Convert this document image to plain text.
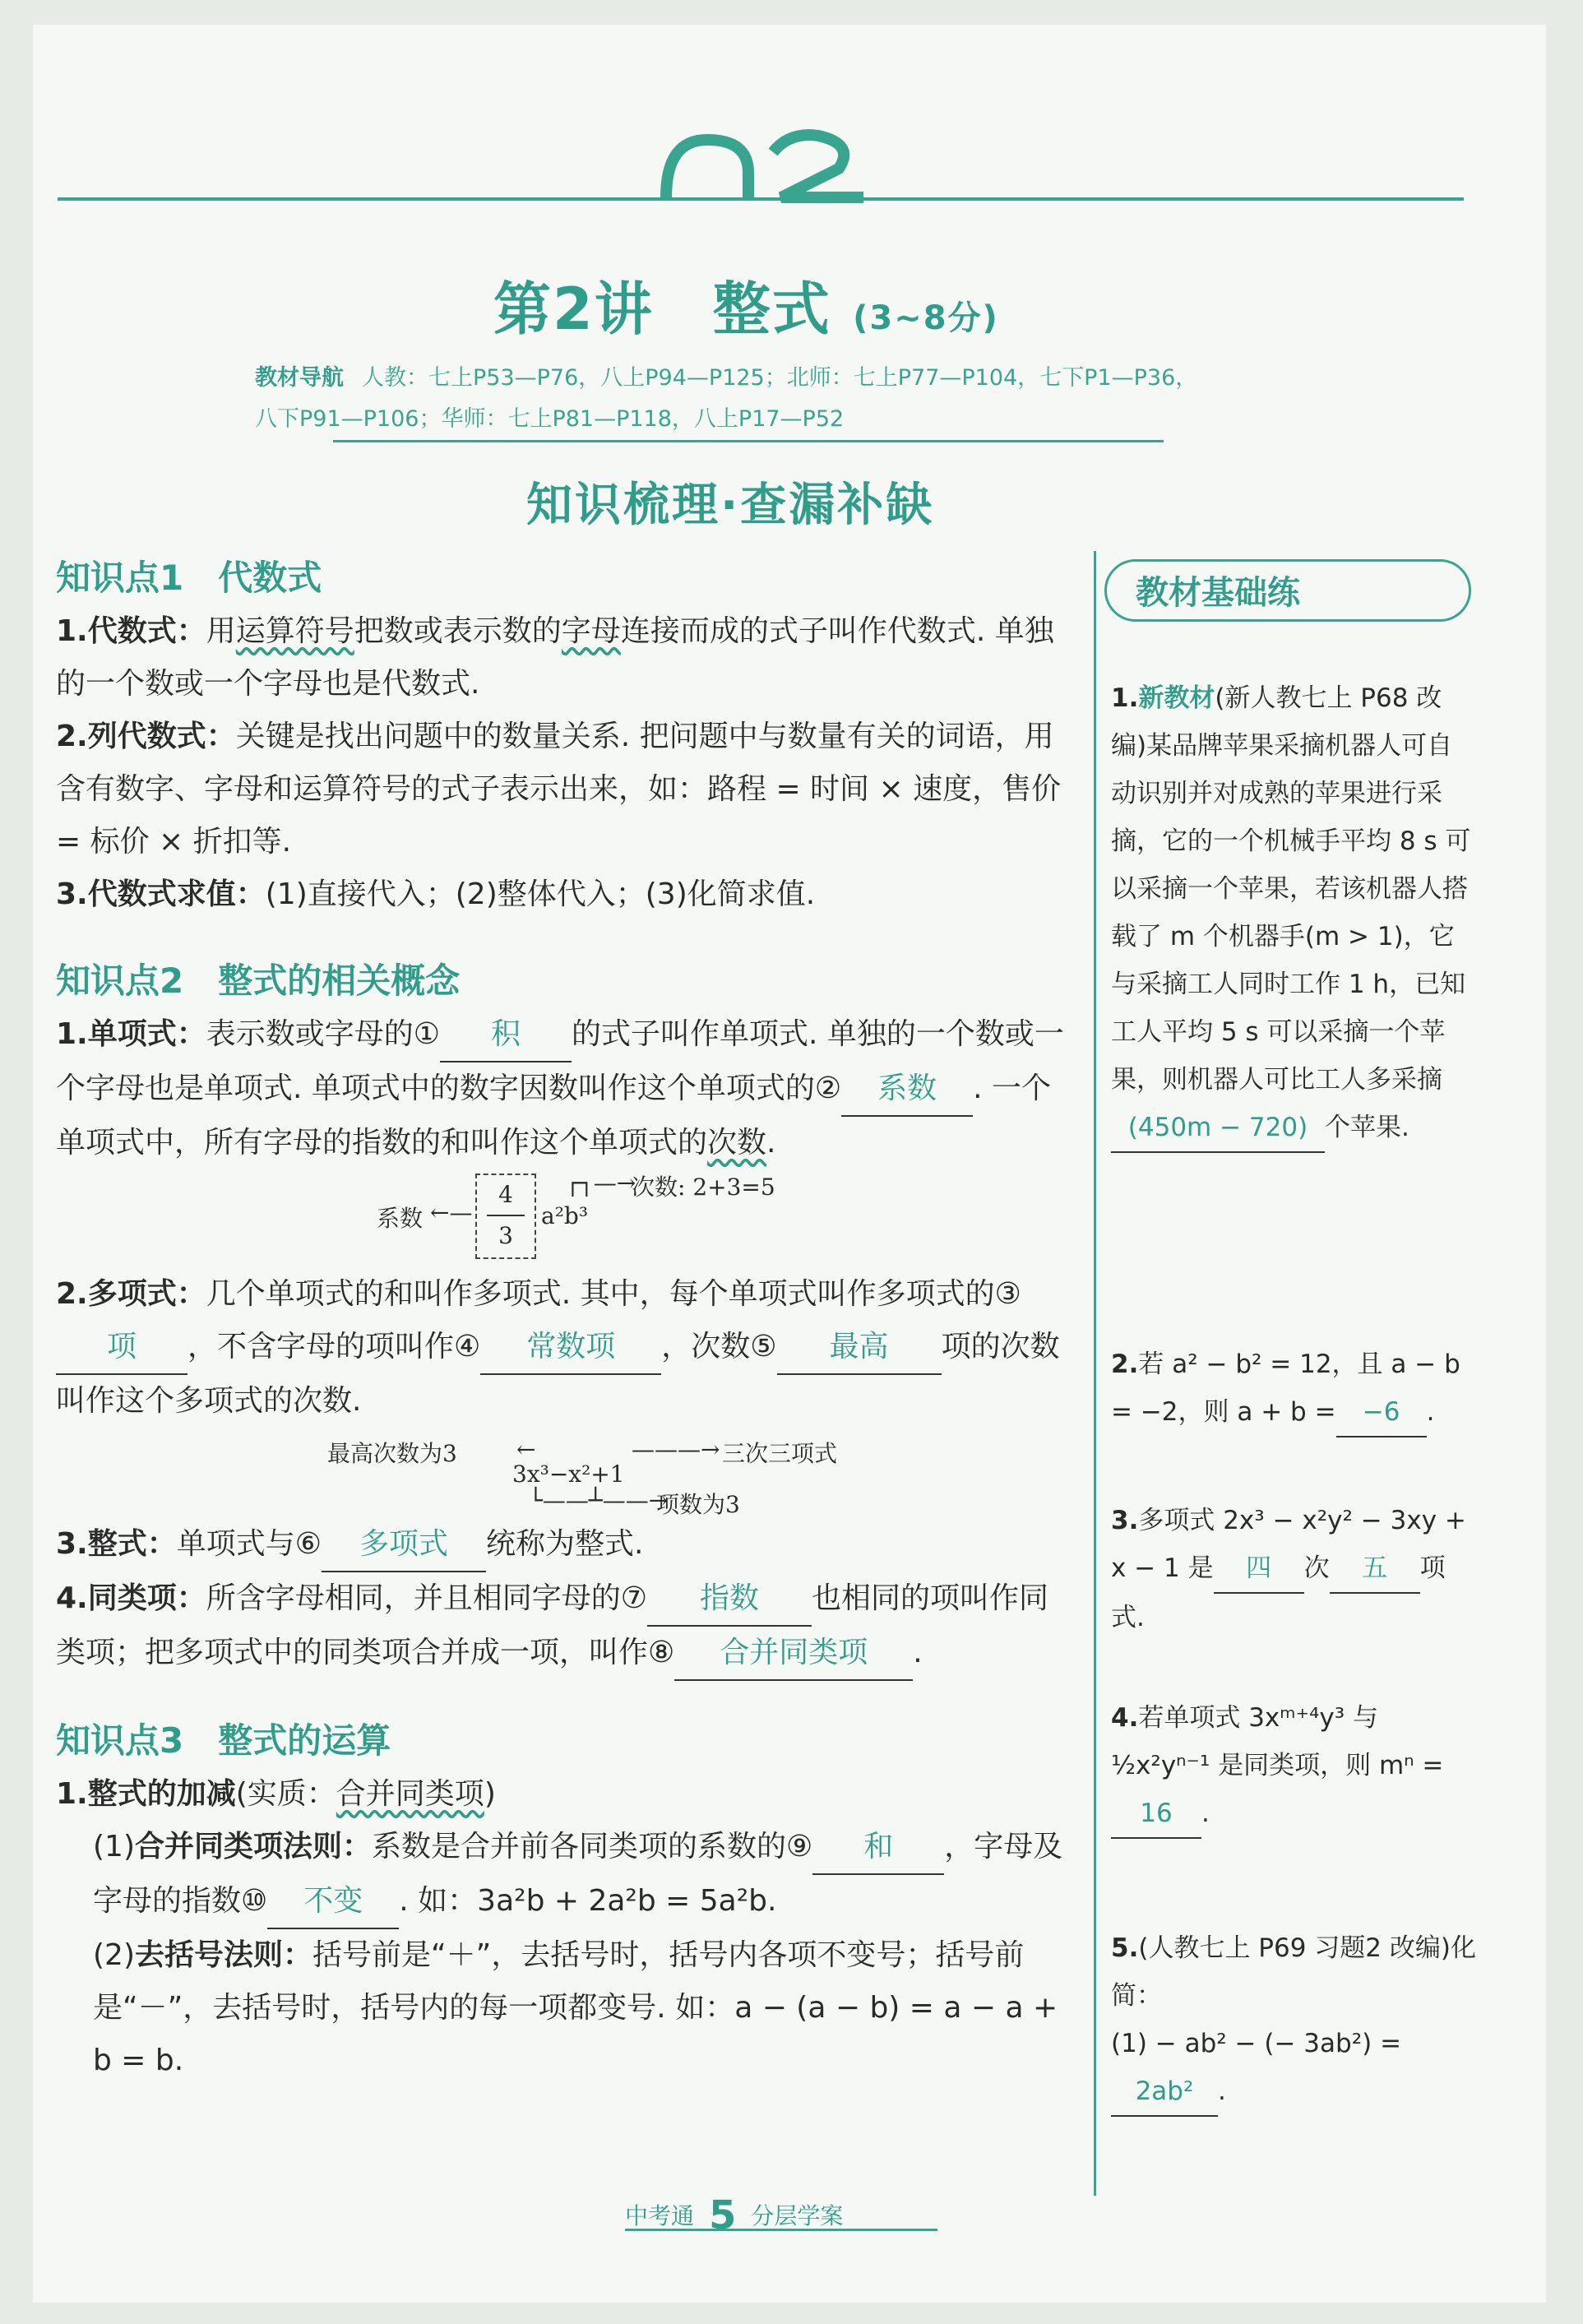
第2讲　整式 (3~8分)
教材导航 人教：七上P53—P76，八上P94—P125；北师：七上P77—P104，七下P1—P36，
八下P91—P106；华师：七上P81—P118，八上P17—P52
知识梳理·查漏补缺
知识点1　代数式
1.代数式：用运算符号把数或表示数的字母连接而成的式子叫作代数式. 单独的一个数或一个字母也是代数式.
2.列代数式：关键是找出问题中的数量关系. 把问题中与数量有关的词语，用含有数字、字母和运算符号的式子表示出来，如：路程 = 时间 × 速度，售价 = 标价 × 折扣等.
3.代数式求值：(1)直接代入；(2)整体代入；(3)化简求值.
知识点2　整式的相关概念
1.单项式：表示数或字母的① 积 的式子叫作单项式. 单独的一个数或一个字母也是单项式. 单项式中的数字因数叫作这个单项式的② 系数 . 一个单项式中，所有字母的指数的和叫作这个单项式的次数.
系数 ←—
4
3
a²b³
┌┐—→
次数: 2+3=5
2.多项式：几个单项式的和叫作多项式. 其中，每个单项式叫作多项式的③项 ，不含字母的项叫作④ 常数项 ，次数⑤ 最高 项的次数叫作这个多项式的次数.
最高次数为3	←
3x³−x²+1
———→ 三次三项式
└——┴——→
项数为3
3.整式：单项式与⑥ 多项式 统称为整式.
4.同类项：所含字母相同，并且相同字母的⑦ 指数 也相同的项叫作同类项；把多项式中的同类项合并成一项，叫作⑧ 合并同类项 .
知识点3　整式的运算
1.整式的加减(实质：合并同类项)
(1)合并同类项法则：系数是合并前各同类项的系数的⑨ 和 ，字母及字母的指数⑩ 不变 . 如：3a²b + 2a²b = 5a²b.
(2)去括号法则：括号前是“＋”，去括号时，括号内各项不变号；括号前是“－”，去括号时，括号内的每一项都变号. 如：a − (a − b) = a − a + b = b.
教材基础练
1.新教材(新人教七上 P68 改编)某品牌苹果采摘机器人可自动识别并对成熟的苹果进行采摘，它的一个机械手平均 8 s 可以采摘一个苹果，若该机器人搭载了 m 个机器手(m > 1)，它与采摘工人同时工作 1 h，已知工人平均 5 s 可以采摘一个苹果，则机器人可比工人多采摘
(450m − 720) 个苹果.
2.若 a² − b² = 12，且 a − b = −2，则 a + b = −6 .
3.多项式 2x³ − x²y² − 3xy + x − 1 是 四 次 五 项式.
4.若单项式 3xᵐ⁺⁴y³ 与 ½x²yⁿ⁻¹ 是同类项，则 mⁿ =16 .
5.(人教七上 P69 习题2 改编)化简：
(1) − ab² − (− 3ab²) =2ab² .
中考通 5 分层学案
